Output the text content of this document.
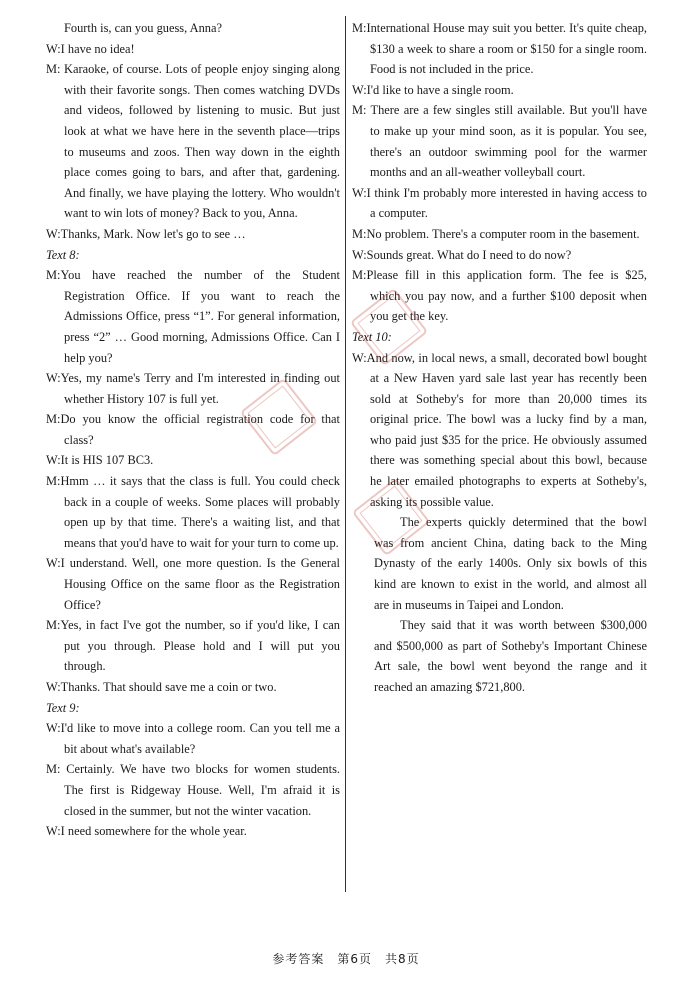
Fourth is, can you guess, Anna?

W:I have no idea!

M: Karaoke, of course. Lots of people enjoy singing along with their favorite songs. Then comes watching DVDs and videos, followed by listening to music. But just look at what we have here in the seventh place—trips to museums and zoos. Then way down in the eighth place comes going to bars, and after that, gardening. And finally, we have playing the lottery. Who wouldn't want to win lots of money? Back to you, Anna.

W:Thanks, Mark. Now let's go to see …

Text 8:

M:You have reached the number of the Student Registration Office. If you want to reach the Admissions Office, press “1”. For general information, press “2” … Good morning, Admissions Office. Can I help you?

W:Yes, my name's Terry and I'm interested in finding out whether History 107 is full yet.

M:Do you know the official registration code for that class?

W:It is HIS 107 BC3.

M:Hmm … it says that the class is full. You could check back in a couple of weeks. Some places will probably open up by that time. There's a waiting list, and that means that you'd have to wait for your turn to come up.

W:I understand. Well, one more question. Is the General Housing Office on the same floor as the Registration Office?

M:Yes, in fact I've got the number, so if you'd like, I can put you through. Please hold and I will put you through.

W:Thanks. That should save me a coin or two.

Text 9:

W:I'd like to move into a college room. Can you tell me a bit about what's available?

M: Certainly. We have two blocks for women students. The first is Ridgeway House. Well, I'm afraid it is closed in the summer, but not the winter vacation.

W:I need somewhere for the whole year.

M:International House may suit you better. It's quite cheap, $130 a week to share a room or $150 for a single room. Food is not included in the price.

W:I'd like to have a single room.

M: There are a few singles still available. But you'll have to make up your mind soon, as it is popular. You see, there's an outdoor swimming pool for the warmer months and an all-weather volleyball court.

W:I think I'm probably more interested in having access to a computer.

M:No problem. There's a computer room in the basement.

W:Sounds great. What do I need to do now?

M:Please fill in this application form. The fee is $25, which you pay now, and a further $100 deposit when you get the key.

Text 10:

W:And now, in local news, a small, decorated bowl bought at a New Haven yard sale last year has recently been sold at Sotheby's for more than 20,000 times its original price. The bowl was a lucky find by a man, who paid just $35 for the price. He obviously assumed there was something special about this bowl, because he later emailed photographs to experts at Sotheby's, asking its possible value.

The experts quickly determined that the bowl was from ancient China, dating back to the Ming Dynasty of the early 1400s. Only six bowls of this kind are known to exist in the world, and almost all are in museums in Taipei and London.

They said that it was worth between $300,000 and $500,000 as part of Sotheby's Important Chinese Art sale, the bowl went beyond the range and it reached an amazing $721,800.

参考答案　第6页　共8页
